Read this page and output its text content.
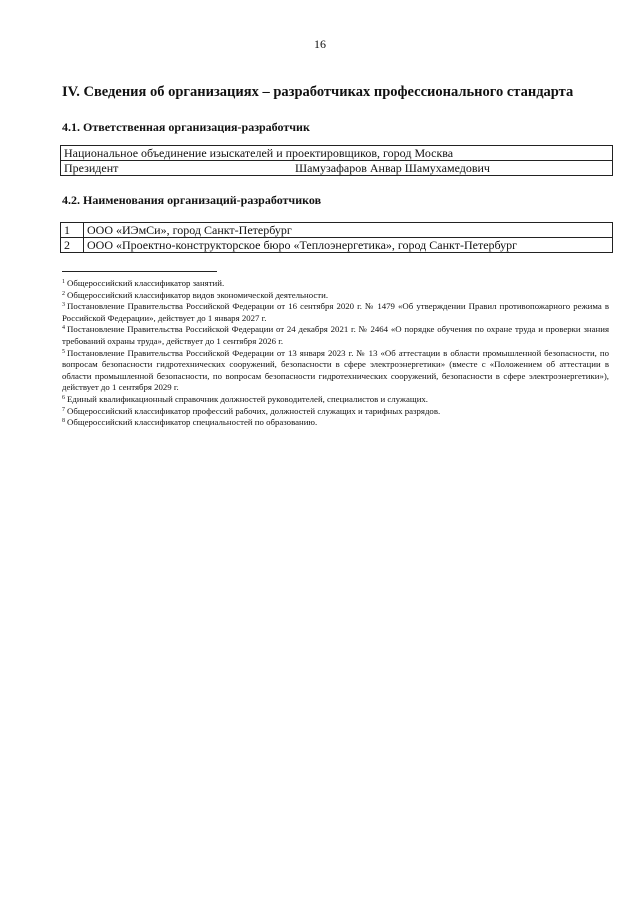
16
IV. Сведения об организациях – разработчиках профессионального стандарта
4.1. Ответственная организация-разработчик
Национальное объединение изыскателей и проектировщиков, город Москва
Президент	Шамузафаров Анвар Шамухамедович
4.2. Наименования организаций-разработчиков
1	ООО «ИЭмСи», город Санкт-Петербург
2	ООО «Проектно-конструкторское бюро «Теплоэнергетика», город Санкт-Петербург

$^1$ Общероссийский классификатор занятий.

$^2$ Общероссийский классификатор видов экономической деятельности.

$^3$ Постановление Правительства Российской Федерации от 16 сентября 2020 г. № 1479 «Об утверждении Правил противопожарного режима в Российской Федерации», действует до 1 января 2027 г.

$^4$ Постановление Правительства Российской Федерации от 24 декабря 2021 г. № 2464 «О порядке обучения по охране труда и проверки знания требований охраны труда», действует до 1 сентября 2026 г.

$^5$ Постановление Правительства Российской Федерации от 13 января 2023 г. № 13 «Об аттестации в области промышленной безопасности, по вопросам безопасности гидротехнических сооружений, безопасности в сфере электроэнергетики» (вместе с «Положением об аттестации в области промышленной безопасности, по вопросам безопасности гидротехнических сооружений, безопасности в сфере электроэнергетики»), действует до 1 сентября 2029 г.

$^6$ Единый квалификационный справочник должностей руководителей, специалистов и служащих.

$^7$ Общероссийский классификатор профессий рабочих, должностей служащих и тарифных разрядов.

$^8$ Общероссийский классификатор специальностей по образованию.
